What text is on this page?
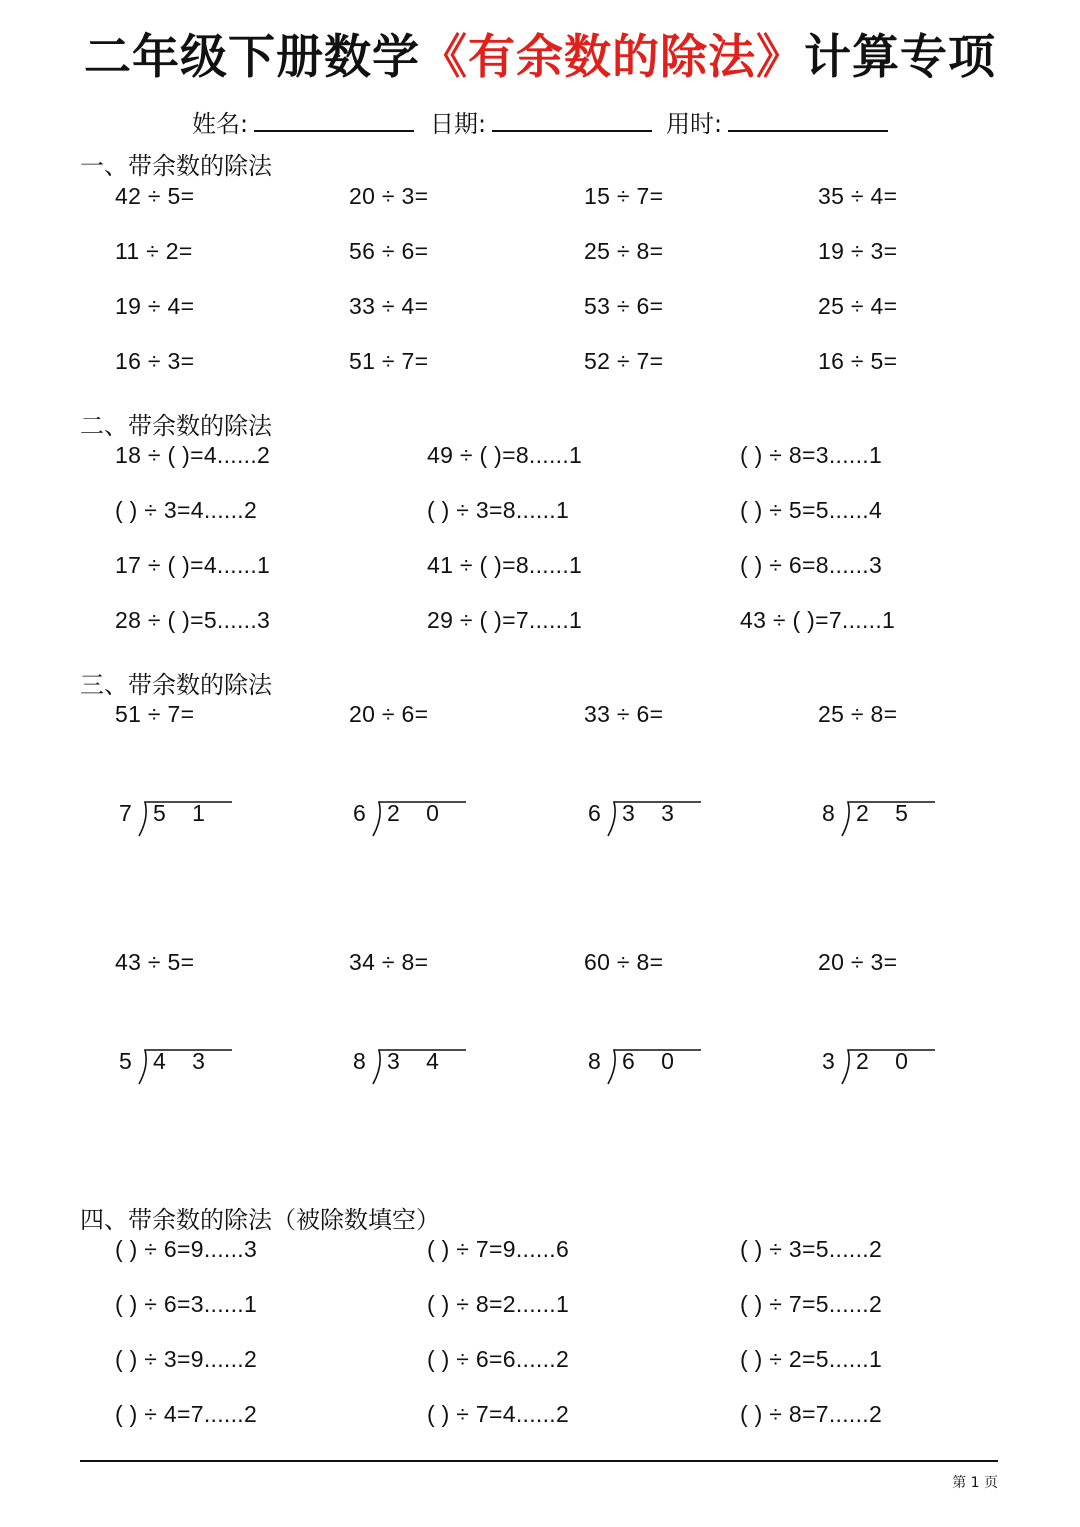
二年级下册数学《有余数的除法》计算专项
姓名:	日期:	用时:
一、带余数的除法
42 ÷ 5=	20 ÷ 3=	15 ÷ 7=	35 ÷ 4=
11 ÷ 2=	56 ÷ 6=	25 ÷ 8=	19 ÷ 3=
19 ÷ 4=	33 ÷ 4=	53 ÷ 6=	25 ÷ 4=
16 ÷ 3=	51 ÷ 7=	52 ÷ 7=	16 ÷ 5=
二、带余数的除法
18 ÷ ( )=4......2	49 ÷ ( )=8......1	( ) ÷ 8=3......1
( ) ÷ 3=4......2	( ) ÷ 3=8......1	( ) ÷ 5=5......4
17 ÷ ( )=4......1	41 ÷ ( )=8......1	( ) ÷ 6=8......3
28 ÷ ( )=5......3	29 ÷ ( )=7......1	43 ÷ ( )=7......1
三、带余数的除法
51 ÷ 7=	20 ÷ 6=	33 ÷ 6=	25 ÷ 8=
7 5 1	6 2 0	6 3 3	8 2 5
43 ÷ 5=	34 ÷ 8=	60 ÷ 8=	20 ÷ 3=
5 4 3	8 3 4	8 6 0	3 2 0
四、带余数的除法（被除数填空）
( ) ÷ 6=9......3	( ) ÷ 7=9......6	( ) ÷ 3=5......2
( ) ÷ 6=3......1	( ) ÷ 8=2......1	( ) ÷ 7=5......2
( ) ÷ 3=9......2	( ) ÷ 6=6......2	( ) ÷ 2=5......1
( ) ÷ 4=7......2	( ) ÷ 7=4......2	( ) ÷ 8=7......2
第 1 页
